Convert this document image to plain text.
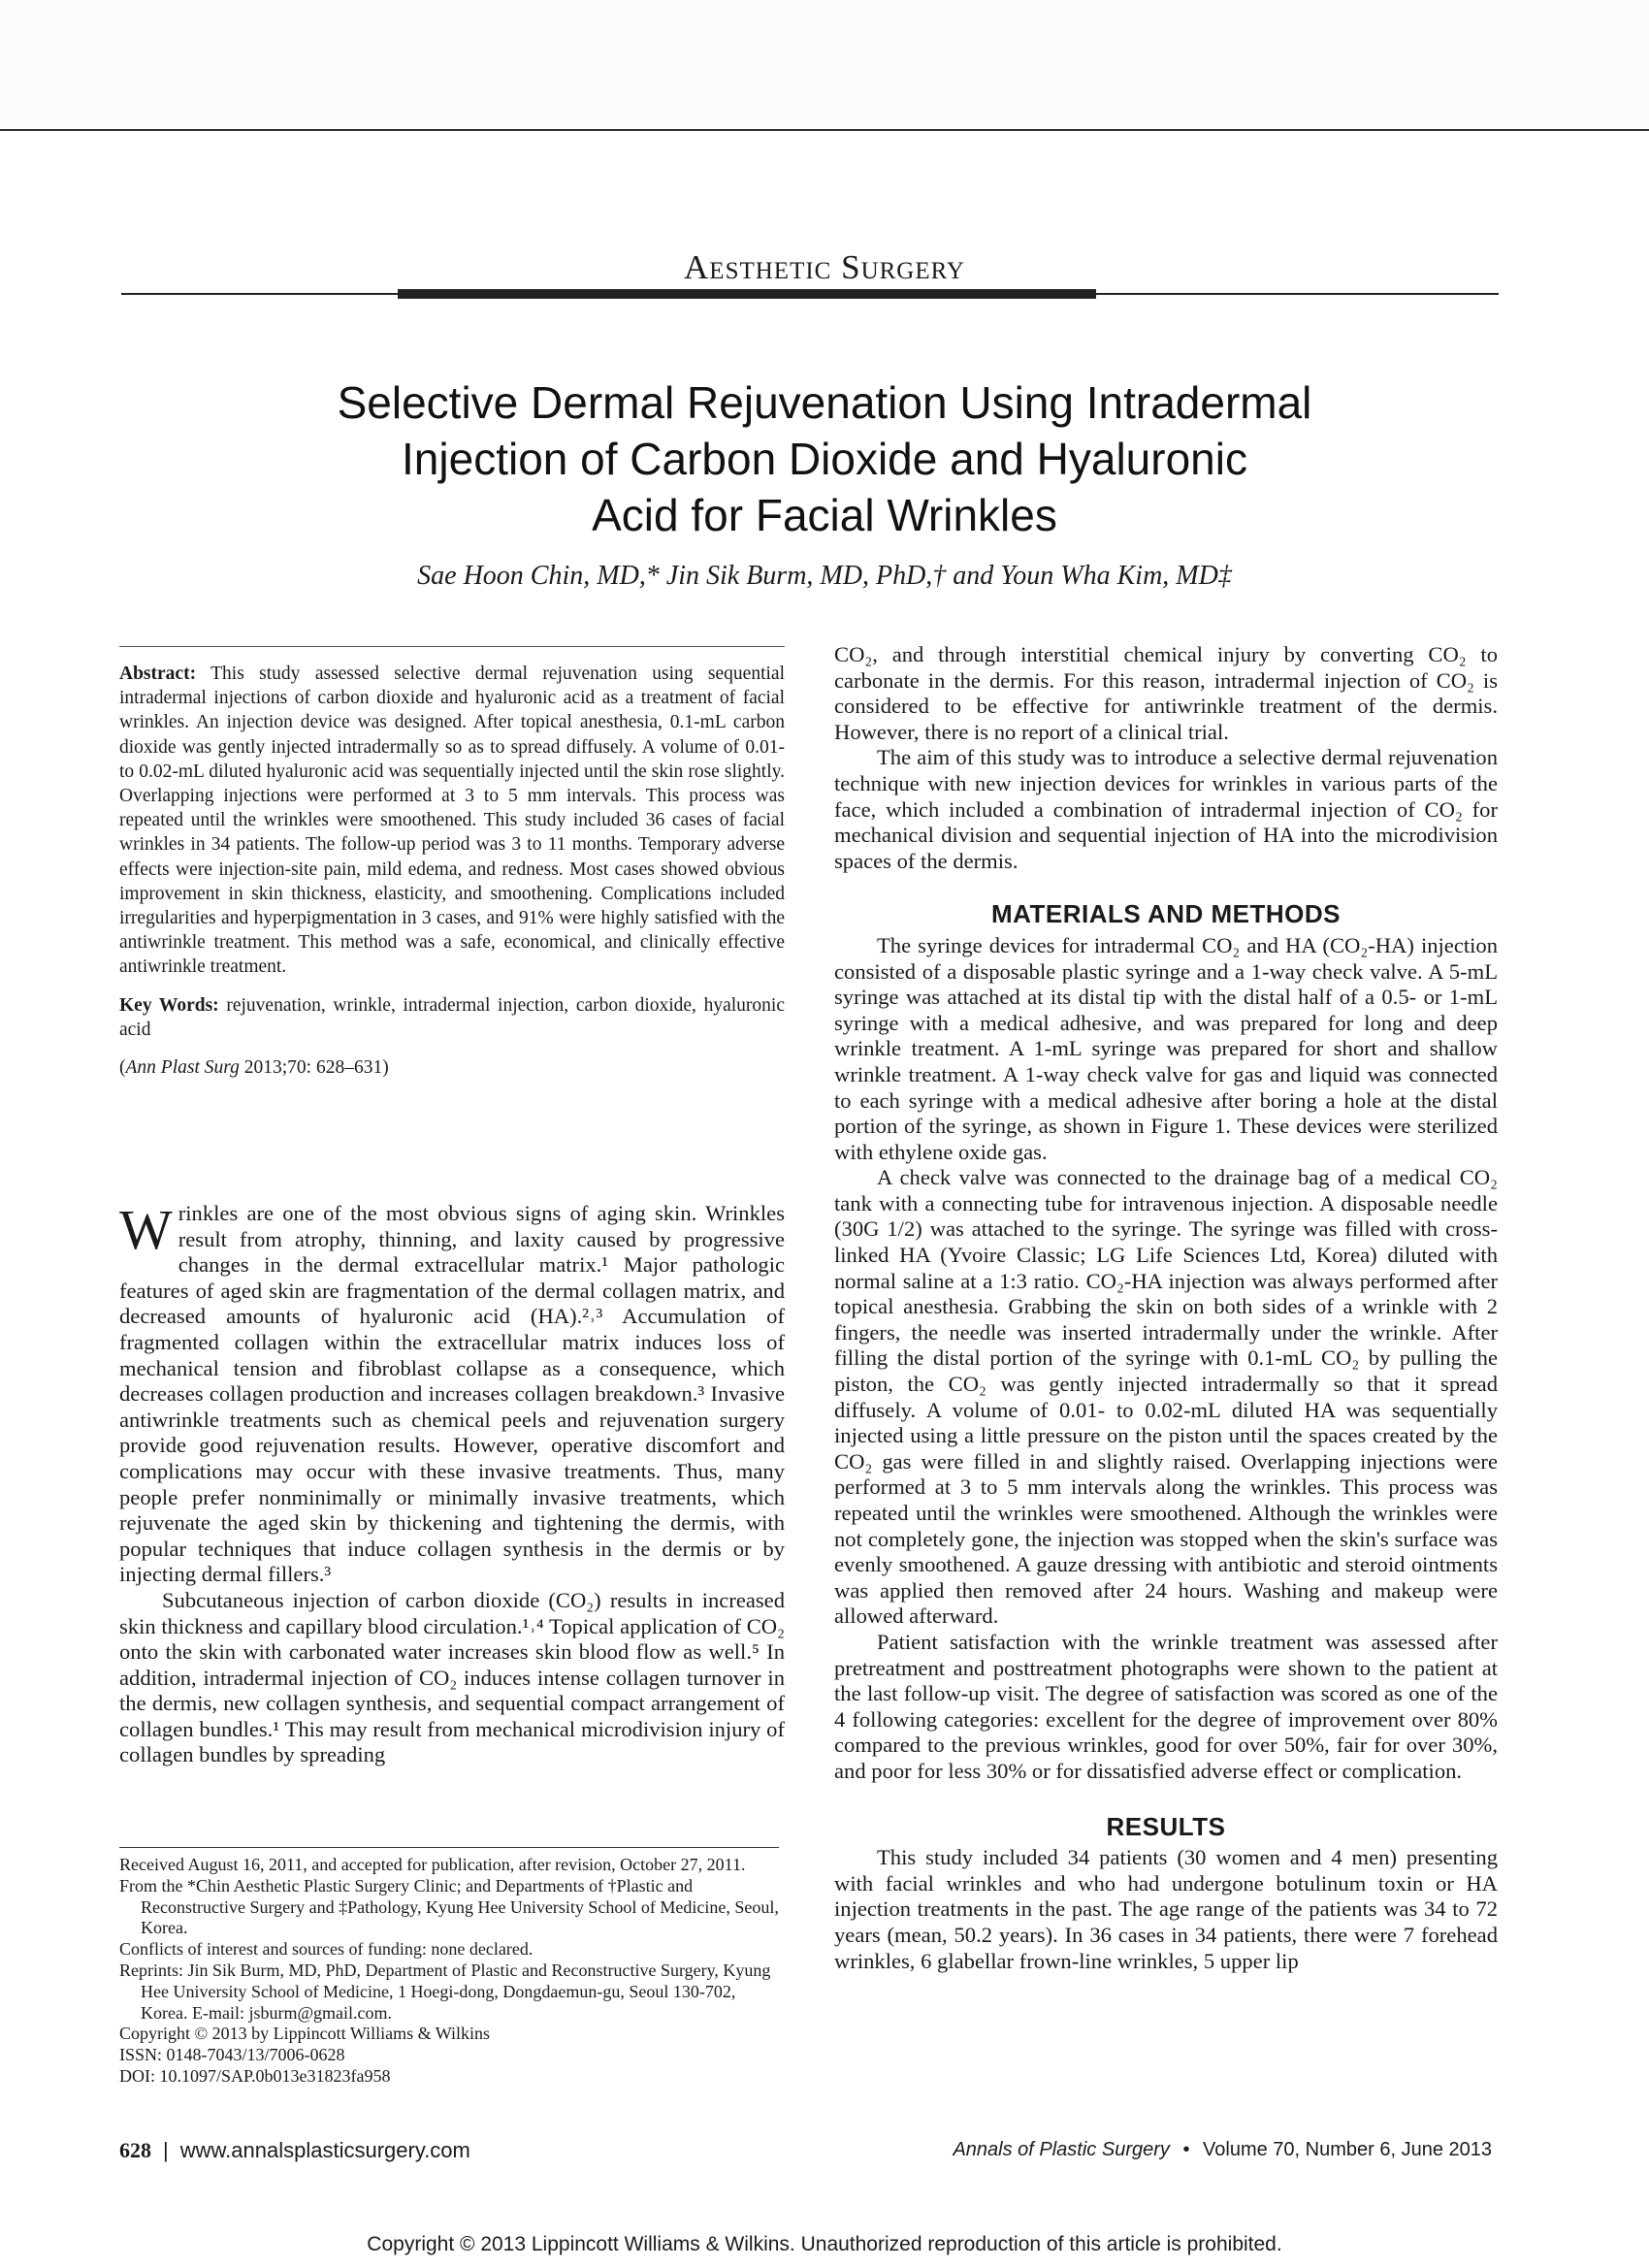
Aesthetic Surgery
Selective Dermal Rejuvenation Using Intradermal
Injection of Carbon Dioxide and Hyaluronic
Acid for Facial Wrinkles
Sae Hoon Chin, MD,* Jin Sik Burm, MD, PhD,† and Youn Wha Kim, MD‡

Abstract: This study assessed selective dermal rejuvenation using sequential intradermal injections of carbon dioxide and hyaluronic acid as a treatment of facial wrinkles. An injection device was designed. After topical anesthesia, 0.1-mL carbon dioxide was gently injected intradermally so as to spread diffusely. A volume of 0.01- to 0.02-mL diluted hyaluronic acid was sequentially injected until the skin rose slightly. Overlapping injections were performed at 3 to 5 mm intervals. This process was repeated until the wrinkles were smoothened. This study included 36 cases of facial wrinkles in 34 patients. The follow-up period was 3 to 11 months. Temporary adverse effects were injection-site pain, mild edema, and redness. Most cases showed obvious improvement in skin thickness, elasticity, and smoothening. Complications included irregularities and hyperpigmentation in 3 cases, and 91% were highly satisfied with the antiwrinkle treatment. This method was a safe, economical, and clinically effective antiwrinkle treatment.

Key Words: rejuvenation, wrinkle, intradermal injection, carbon dioxide, hyaluronic acid

(Ann Plast Surg 2013;70: 628–631)

Wrinkles are one of the most obvious signs of aging skin. Wrinkles result from atrophy, thinning, and laxity caused by progressive changes in the dermal extracellular matrix.¹ Major pathologic features of aged skin are fragmentation of the dermal collagen matrix, and decreased amounts of hyaluronic acid (HA).²˒³ Accumulation of fragmented collagen within the extracellular matrix induces loss of mechanical tension and fibroblast collapse as a consequence, which decreases collagen production and increases collagen breakdown.³ Invasive antiwrinkle treatments such as chemical peels and rejuvenation surgery provide good rejuvenation results. However, operative discomfort and complications may occur with these invasive treatments. Thus, many people prefer nonminimally or minimally invasive treatments, which rejuvenate the aged skin by thickening and tightening the dermis, with popular techniques that induce collagen synthesis in the dermis or by injecting dermal fillers.³

Subcutaneous injection of carbon dioxide (CO₂) results in increased skin thickness and capillary blood circulation.¹˒⁴ Topical application of CO₂ onto the skin with carbonated water increases skin blood flow as well.⁵ In addition, intradermal injection of CO₂ induces intense collagen turnover in the dermis, new collagen synthesis, and sequential compact arrangement of collagen bundles.¹ This may result from mechanical microdivision injury of collagen bundles by spreading

Received August 16, 2011, and accepted for publication, after revision, October 27, 2011.
From the *Chin Aesthetic Plastic Surgery Clinic; and Departments of †Plastic and Reconstructive Surgery and ‡Pathology, Kyung Hee University School of Medicine, Seoul, Korea.
Conflicts of interest and sources of funding: none declared.
Reprints: Jin Sik Burm, MD, PhD, Department of Plastic and Reconstructive Surgery, Kyung Hee University School of Medicine, 1 Hoegi-dong, Dongdaemun-gu, Seoul 130-702, Korea. E-mail: jsburm@gmail.com.
Copyright © 2013 by Lippincott Williams & Wilkins
ISSN: 0148-7043/13/7006-0628
DOI: 10.1097/SAP.0b013e31823fa958

CO₂, and through interstitial chemical injury by converting CO₂ to carbonate in the dermis. For this reason, intradermal injection of CO₂ is considered to be effective for antiwrinkle treatment of the dermis. However, there is no report of a clinical trial.

The aim of this study was to introduce a selective dermal rejuvenation technique with new injection devices for wrinkles in various parts of the face, which included a combination of intradermal injection of CO₂ for mechanical division and sequential injection of HA into the microdivision spaces of the dermis.

MATERIALS AND METHODS

The syringe devices for intradermal CO₂ and HA (CO₂-HA) injection consisted of a disposable plastic syringe and a 1-way check valve. A 5-mL syringe was attached at its distal tip with the distal half of a 0.5- or 1-mL syringe with a medical adhesive, and was prepared for long and deep wrinkle treatment. A 1-mL syringe was prepared for short and shallow wrinkle treatment. A 1-way check valve for gas and liquid was connected to each syringe with a medical adhesive after boring a hole at the distal portion of the syringe, as shown in Figure 1. These devices were sterilized with ethylene oxide gas.

A check valve was connected to the drainage bag of a medical CO₂ tank with a connecting tube for intravenous injection. A disposable needle (30G 1/2) was attached to the syringe. The syringe was filled with cross-linked HA (Yvoire Classic; LG Life Sciences Ltd, Korea) diluted with normal saline at a 1:3 ratio. CO₂-HA injection was always performed after topical anesthesia. Grabbing the skin on both sides of a wrinkle with 2 fingers, the needle was inserted intradermally under the wrinkle. After filling the distal portion of the syringe with 0.1-mL CO₂ by pulling the piston, the CO₂ was gently injected intradermally so that it spread diffusely. A volume of 0.01- to 0.02-mL diluted HA was sequentially injected using a little pressure on the piston until the spaces created by the CO₂ gas were filled in and slightly raised. Overlapping injections were performed at 3 to 5 mm intervals along the wrinkles. This process was repeated until the wrinkles were smoothened. Although the wrinkles were not completely gone, the injection was stopped when the skin's surface was evenly smoothened. A gauze dressing with antibiotic and steroid ointments was applied then removed after 24 hours. Washing and makeup were allowed afterward.

Patient satisfaction with the wrinkle treatment was assessed after pretreatment and posttreatment photographs were shown to the patient at the last follow-up visit. The degree of satisfaction was scored as one of the 4 following categories: excellent for the degree of improvement over 80% compared to the previous wrinkles, good for over 50%, fair for over 30%, and poor for less 30% or for dissatisfied adverse effect or complication.

RESULTS

This study included 34 patients (30 women and 4 men) presenting with facial wrinkles and who had undergone botulinum toxin or HA injection treatments in the past. The age range of the patients was 34 to 72 years (mean, 50.2 years). In 36 cases in 34 patients, there were 7 forehead wrinkles, 6 glabellar frown-line wrinkles, 5 upper lip

628 | www.annalsplasticsurgery.com	Annals of Plastic Surgery • Volume 70, Number 6, June 2013
Copyright © 2013 Lippincott Williams & Wilkins. Unauthorized reproduction of this article is prohibited.
